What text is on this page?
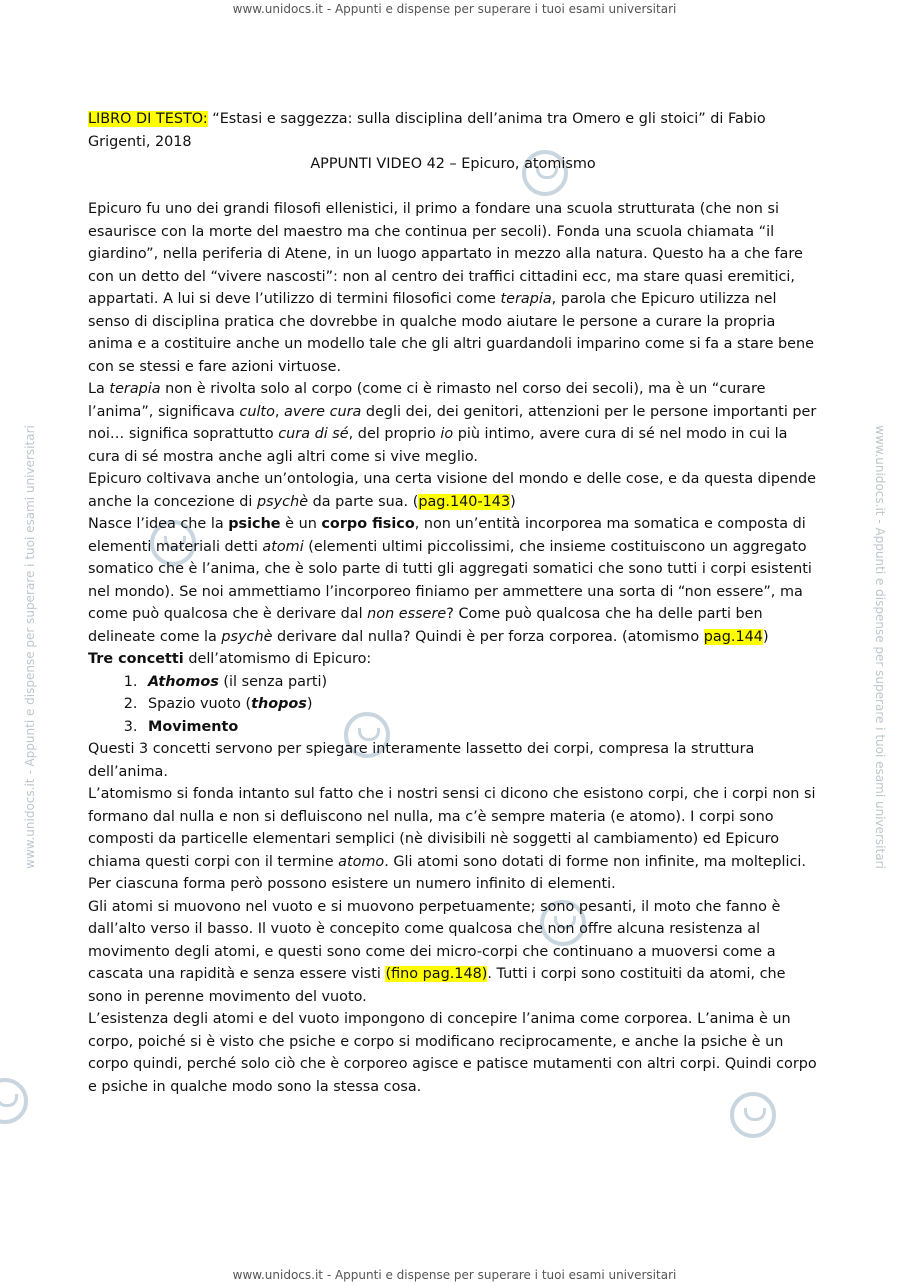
www.unidocs.it - Appunti e dispense per superare i tuoi esami universitari
www.unidocs.it - Appunti e dispense per superare i tuoi esami universitari	www.unidocs.it - Appunti e dispense per superare i tuoi esami universitari

LIBRO DI TESTO: “Estasi e saggezza: sulla disciplina dell’anima tra Omero e gli stoici” di Fabio Grigenti, 2018

APPUNTI VIDEO 42 – Epicuro, atomismo

Epicuro fu uno dei grandi filosofi ellenistici, il primo a fondare una scuola strutturata (che non si esaurisce con la morte del maestro ma che continua per secoli). Fonda una scuola chiamata “il giardino”, nella periferia di Atene, in un luogo appartato in mezzo alla natura. Questo ha a che fare con un detto del “vivere nascosti”: non al centro dei traffici cittadini ecc, ma stare quasi eremitici, appartati. A lui si deve l’utilizzo di termini filosofici come terapia, parola che Epicuro utilizza nel senso di disciplina pratica che dovrebbe in qualche modo aiutare le persone a curare la propria anima e a costituire anche un modello tale che gli altri guardandoli imparino come si fa a stare bene con se stessi e fare azioni virtuose.

La terapia non è rivolta solo al corpo (come ci è rimasto nel corso dei secoli), ma è un “curare l’anima”, significava culto, avere cura degli dei, dei genitori, attenzioni per le persone importanti per noi… significa soprattutto cura di sé, del proprio io più intimo, avere cura di sé nel modo in cui la cura di sé mostra anche agli altri come si vive meglio.

Epicuro coltivava anche un’ontologia, una certa visione del mondo e delle cose, e da questa dipende anche la concezione di psychè da parte sua. (pag.140-143)

Nasce l’idea che la psiche è un corpo fisico, non un’entità incorporea ma somatica e composta di elementi materiali detti atomi (elementi ultimi piccolissimi, che insieme costituiscono un aggregato somatico che è l’anima, che è solo parte di tutti gli aggregati somatici che sono tutti i corpi esistenti nel mondo). Se noi ammettiamo l’incorporeo finiamo per ammettere una sorta di “non essere”, ma come può qualcosa che è derivare dal non essere? Come può qualcosa che ha delle parti ben delineate come la psychè derivare dal nulla? Quindi è per forza corporea. (atomismo pag.144)

Tre concetti dell’atomismo di Epicuro:

1. Athomos (il senza parti)
2. Spazio vuoto (thopos)
3. Movimento

Questi 3 concetti servono per spiegare interamente lassetto dei corpi, compresa la struttura dell’anima.

L’atomismo si fonda intanto sul fatto che i nostri sensi ci dicono che esistono corpi, che i corpi non si formano dal nulla e non si defluiscono nel nulla, ma c’è sempre materia (e atomo). I corpi sono composti da particelle elementari semplici (nè divisibili nè soggetti al cambiamento) ed Epicuro chiama questi corpi con il termine atomo. Gli atomi sono dotati di forme non infinite, ma molteplici. Per ciascuna forma però possono esistere un numero infinito di elementi.

Gli atomi si muovono nel vuoto e si muovono perpetuamente; sono pesanti, il moto che fanno è dall’alto verso il basso. Il vuoto è concepito come qualcosa che non offre alcuna resistenza al movimento degli atomi, e questi sono come dei micro-corpi che continuano a muoversi come a cascata una rapidità e senza essere visti (fino pag.148). Tutti i corpi sono costituiti da atomi, che sono in perenne movimento del vuoto.

L’esistenza degli atomi e del vuoto impongono di concepire l’anima come corporea. L’anima è un corpo, poiché si è visto che psiche e corpo si modificano reciprocamente, e anche la psiche è un corpo quindi, perché solo ciò che è corporeo agisce e patisce mutamenti con altri corpi. Quindi corpo e psiche in qualche modo sono la stessa cosa.

www.unidocs.it - Appunti e dispense per superare i tuoi esami universitari
